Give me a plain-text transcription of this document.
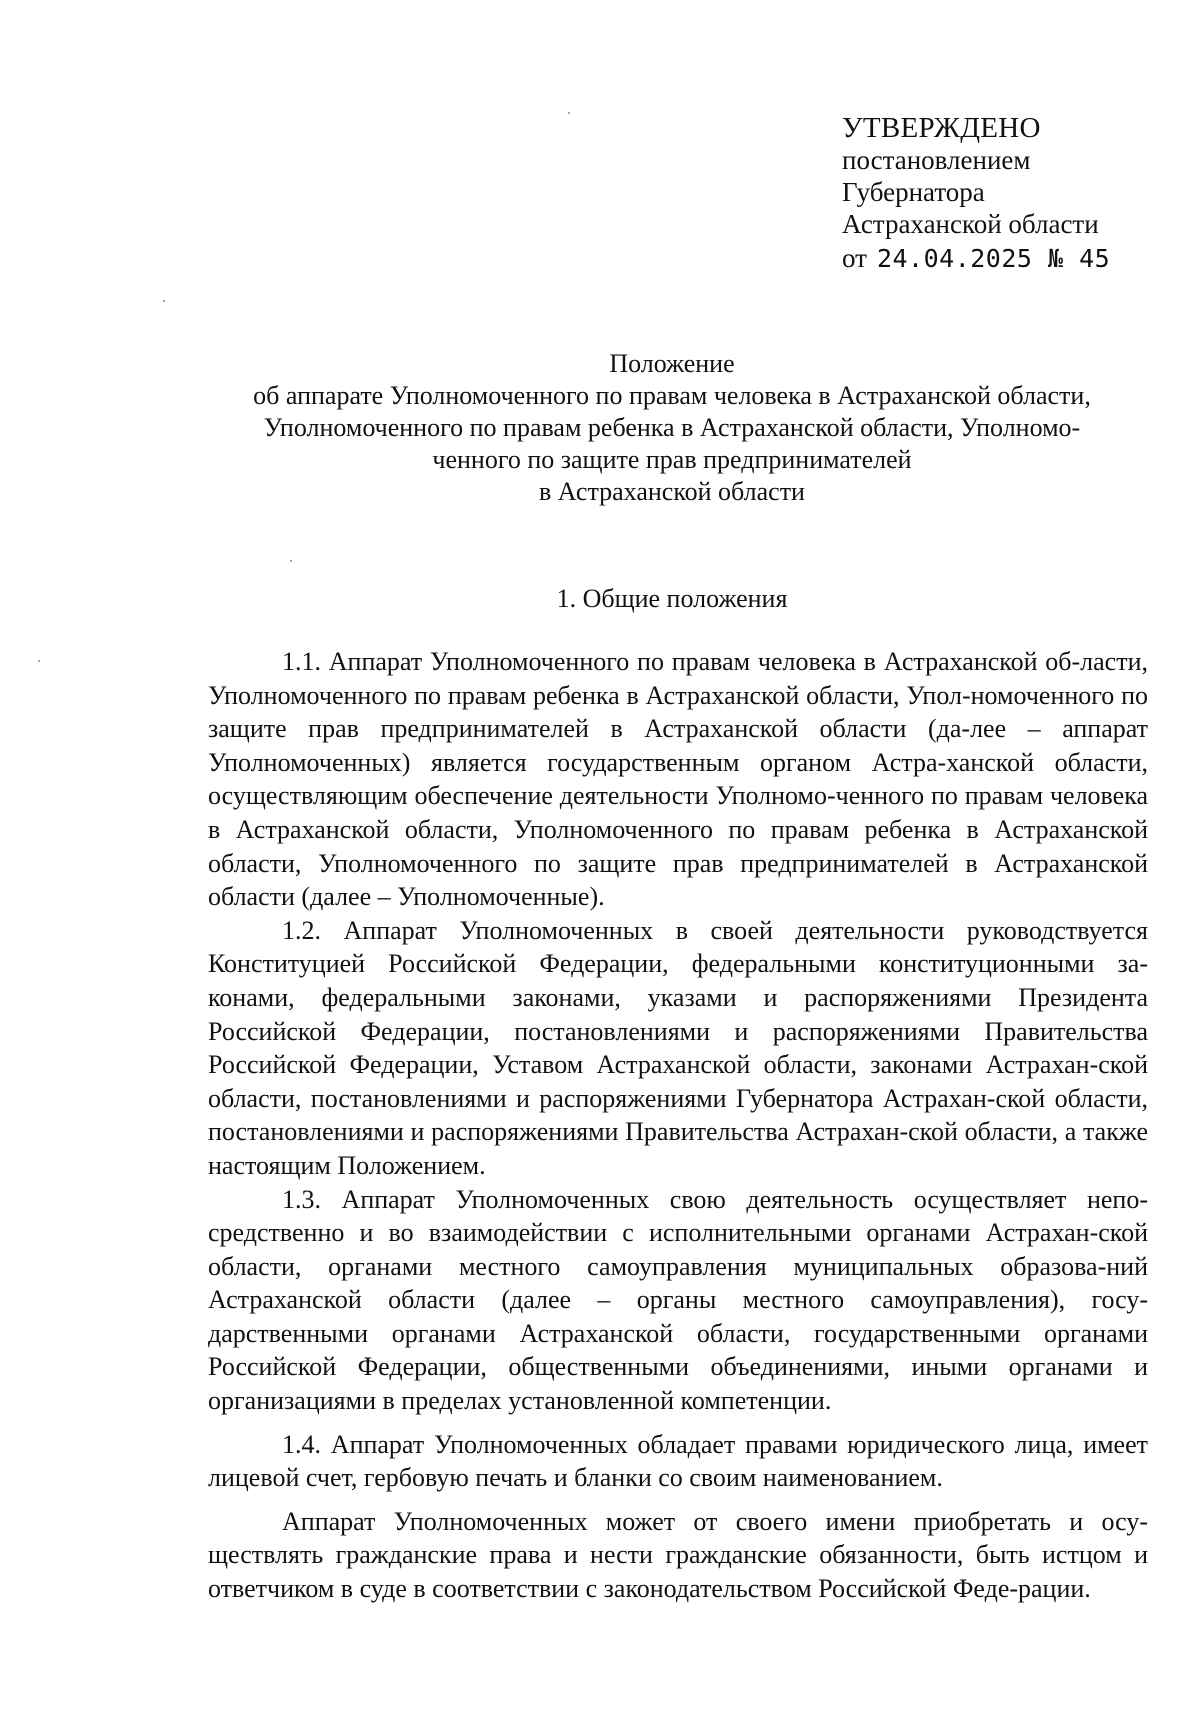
УТВЕРЖДЕНО
постановлением
Губернатора
Астраханской области
от 24.04.2025 № 45
Положение
об аппарате Уполномоченного по правам человека в Астраханской области,
Уполномоченного по правам ребенка в Астраханской области, Уполномо-
ченного по защите прав предпринимателей
в Астраханской области
1. Общие положения

1.1. Аппарат Уполномоченного по правам человека в Астраханской об-ласти, Уполномоченного по правам ребенка в Астраханской области, Упол-номоченного по защите прав предпринимателей в Астраханской области (да-лее – аппарат Уполномоченных) является государственным органом Астра-ханской области, осуществляющим обеспечение деятельности Уполномо-ченного по правам человека в Астраханской области, Уполномоченного по правам ребенка в Астраханской области, Уполномоченного по защите прав предпринимателей в Астраханской области (далее – Уполномоченные).

1.2. Аппарат Уполномоченных в своей деятельности руководствуется Конституцией Российской Федерации, федеральными конституционными за-конами, федеральными законами, указами и распоряжениями Президента Российской Федерации, постановлениями и распоряжениями Правительства Российской Федерации, Уставом Астраханской области, законами Астрахан-ской области, постановлениями и распоряжениями Губернатора Астрахан-ской области, постановлениями и распоряжениями Правительства Астрахан-ской области, а также настоящим Положением.

1.3. Аппарат Уполномоченных свою деятельность осуществляет непо-средственно и во взаимодействии с исполнительными органами Астрахан-ской области, органами местного самоуправления муниципальных образова-ний Астраханской области (далее – органы местного самоуправления), госу-дарственными органами Астраханской области, государственными органами Российской Федерации, общественными объединениями, иными органами и организациями в пределах установленной компетенции.

1.4. Аппарат Уполномоченных обладает правами юридического лица, имеет лицевой счет, гербовую печать и бланки со своим наименованием.

Аппарат Уполномоченных может от своего имени приобретать и осу-ществлять гражданские права и нести гражданские обязанности, быть истцом и ответчиком в суде в соответствии с законодательством Российской Феде-рации.
